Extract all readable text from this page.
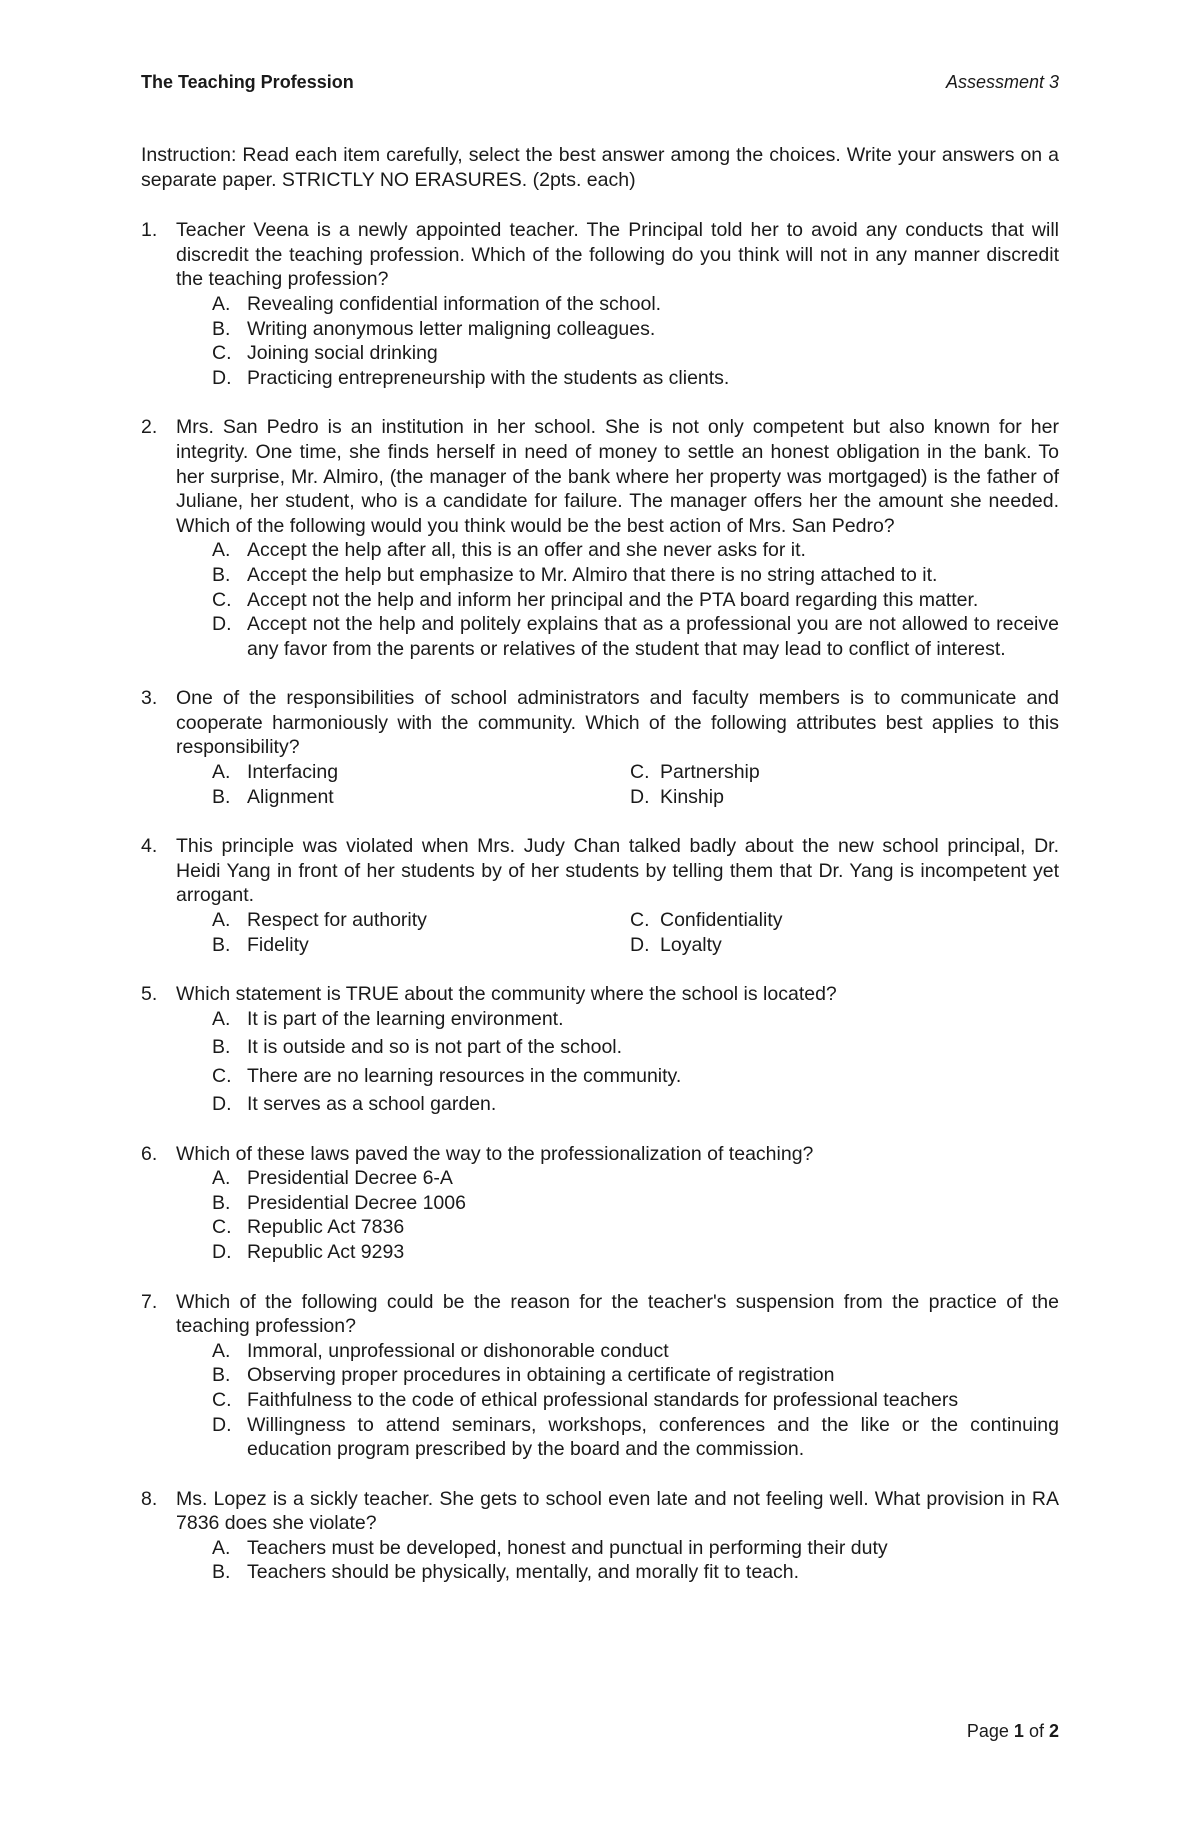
The Teaching Profession	Assessment 3

Instruction: Read each item carefully, select the best answer among the choices. Write your answers on a separate paper. STRICTLY NO ERASURES. (2pts. each)

1. Teacher Veena is a newly appointed teacher. The Principal told her to avoid any conducts that will discredit the teaching profession. Which of the following do you think will not in any manner discredit the teaching profession?
A. Revealing confidential information of the school.
B. Writing anonymous letter maligning colleagues.
C. Joining social drinking
D. Practicing entrepreneurship with the students as clients.
2. Mrs. San Pedro is an institution in her school. She is not only competent but also known for her integrity. One time, she finds herself in need of money to settle an honest obligation in the bank. To her surprise, Mr. Almiro, (the manager of the bank where her property was mortgaged) is the father of Juliane, her student, who is a candidate for failure. The manager offers her the amount she needed. Which of the following would you think would be the best action of Mrs. San Pedro?
A. Accept the help after all, this is an offer and she never asks for it.
B. Accept the help but emphasize to Mr. Almiro that there is no string attached to it.
C. Accept not the help and inform her principal and the PTA board regarding this matter.
D. Accept not the help and politely explains that as a professional you are not allowed to receive any favor from the parents or relatives of the student that may lead to conflict of interest.
3. One of the responsibilities of school administrators and faculty members is to communicate and cooperate harmoniously with the community. Which of the following attributes best applies to this responsibility?
A. Interfacing	C. Partnership
B. Alignment	D. Kinship
4. This principle was violated when Mrs. Judy Chan talked badly about the new school principal, Dr. Heidi Yang in front of her students by of her students by telling them that Dr. Yang is incompetent yet arrogant.
A. Respect for authority	C. Confidentiality
B. Fidelity	D. Loyalty
5. Which statement is TRUE about the community where the school is located?
A. It is part of the learning environment.
B. It is outside and so is not part of the school.
C. There are no learning resources in the community.
D. It serves as a school garden.
6. Which of these laws paved the way to the professionalization of teaching?
A. Presidential Decree 6-A
B. Presidential Decree 1006
C. Republic Act 7836
D. Republic Act 9293
7. Which of the following could be the reason for the teacher's suspension from the practice of the teaching profession?
A. Immoral, unprofessional or dishonorable conduct
B. Observing proper procedures in obtaining a certificate of registration
C. Faithfulness to the code of ethical professional standards for professional teachers
D. Willingness to attend seminars, workshops, conferences and the like or the continuing education program prescribed by the board and the commission.
8. Ms. Lopez is a sickly teacher. She gets to school even late and not feeling well. What provision in RA 7836 does she violate?
A. Teachers must be developed, honest and punctual in performing their duty
B. Teachers should be physically, mentally, and morally fit to teach.
Page 1 of 2
